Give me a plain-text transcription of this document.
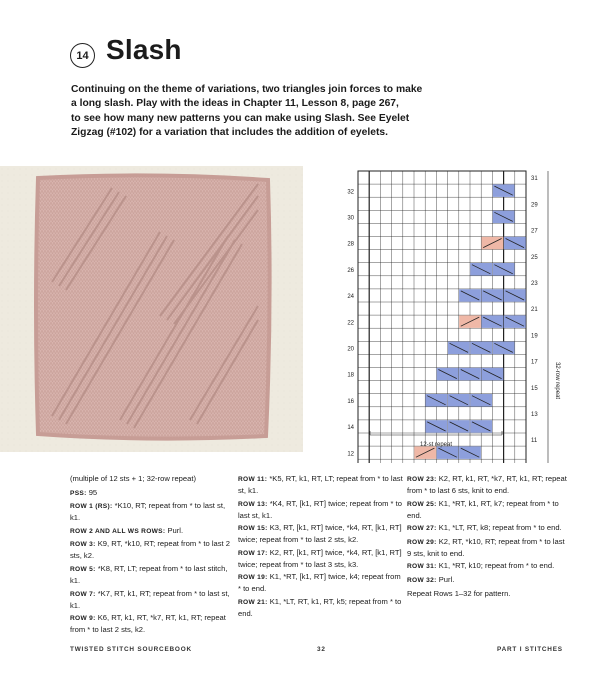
14 Slash
Continuing on the theme of variations, two triangles join forces to make
a long slash. Play with the ideas in Chapter 11, Lesson 8, page 267,
to see how many new patterns you can make using Slash. See Eyelet
Zigzag (#102) for a variation that includes the addition of eyelets.
32
30
28
26
24
22
20
18
16
14
12
31
29
27
25
23
21
19
17
15
13
11
32-row repeat
12-st repeat

(multiple of 12 sts + 1; 32-row repeat)

PSS: 95

ROW 1 (RS): *K10, RT; repeat from * to last st, k1.

ROW 2 AND ALL WS ROWS: Purl.

ROW 3: K9, RT, *k10, RT; repeat from * to last 2 sts, k2.

ROW 5: *K8, RT, LT; repeat from * to last stitch, k1.

ROW 7: *K7, RT, k1, RT; repeat from * to last st, k1.

ROW 9: K6, RT, k1, RT, *k7, RT, k1, RT; repeat from * to last 2 sts, k2.

ROW 11: *K5, RT, k1, RT, LT; repeat from * to last st, k1.

ROW 13: *K4, RT, [k1, RT] twice; repeat from * to last st, k1.

ROW 15: K3, RT, [k1, RT] twice, *k4, RT, [k1, RT] twice; repeat from * to last 2 sts, k2.

ROW 17: K2, RT, [k1, RT] twice, *k4, RT, [k1, RT] twice; repeat from * to last 3 sts, k3.

ROW 19: K1, *RT, [k1, RT] twice, k4; repeat from * to end.

ROW 21: K1, *LT, RT, k1, RT, k5; repeat from * to end.

ROW 23: K2, RT, k1, RT, *k7, RT, k1, RT; repeat from * to last 6 sts, knit to end.

ROW 25: K1, *RT, k1, RT, k7; repeat from * to end.

ROW 27: K1, *LT, RT, k8; repeat from * to end.

ROW 29: K2, RT, *k10, RT; repeat from * to last 9 sts, knit to end.

ROW 31: K1, *RT, k10; repeat from * to end.

ROW 32: Purl.

Repeat Rows 1–32 for pattern.

TWISTED STITCH SOURCEBOOK	32	PART I STITCHES
